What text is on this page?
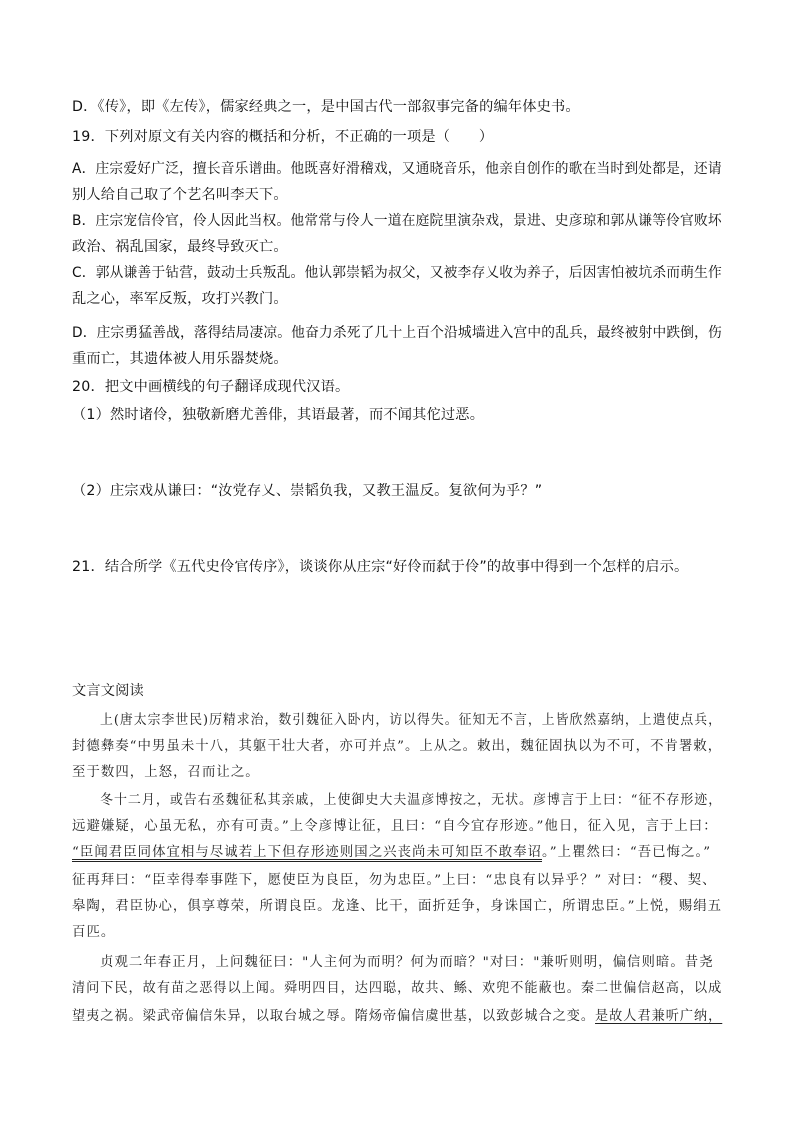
D．《传》，即《左传》，儒家经典之一，是中国古代一部叙事完备的编年体史书。
19．下列对原文有关内容的概括和分析，不正确的一项是（　　）
A．庄宗爱好广泛，擅长音乐谱曲。他既喜好滑稽戏，又通晓音乐，他亲自创作的歌在当时到处都是，还请
别人给自己取了个艺名叫李天下。
B．庄宗宠信伶官，伶人因此当权。他常常与伶人一道在庭院里演杂戏，景进、史彦琼和郭从谦等伶官败坏
政治、祸乱国家，最终导致灭亡。
C．郭从谦善于钻营，鼓动士兵叛乱。他认郭崇韬为叔父，又被李存乂收为养子，后因害怕被坑杀而萌生作
乱之心，率军反叛，攻打兴教门。
D．庄宗勇猛善战，落得结局凄凉。他奋力杀死了几十上百个沿城墙进入宫中的乱兵，最终被射中跌倒，伤
重而亡，其遗体被人用乐器焚烧。
20．把文中画横线的句子翻译成现代汉语。
（1）然时诸伶，独敬新磨尤善俳，其语最著，而不闻其佗过恶。
（2）庄宗戏从谦曰：“汝党存乂、崇韬负我，又教王温反。复欲何为乎？”
21．结合所学《五代史伶官传序》，谈谈你从庄宗“好伶而弑于伶”的故事中得到一个怎样的启示。
文言文阅读
上(唐太宗李世民)厉精求治，数引魏征入卧内，访以得失。征知无不言，上皆欣然嘉纳，上遣使点兵，
封德彝奏“中男虽未十八，其躯干壮大者，亦可并点”。上从之。敕出，魏征固执以为不可，不肯署敕，
至于数四，上怒，召而让之。
冬十二月，或告右丞魏征私其亲戚，上使御史大夫温彦博按之，无状。彦博言于上曰：“征不存形迹，
远避嫌疑，心虽无私，亦有可责。”上令彦博让征，且曰：“自今宜存形迹。”他日，征入见，言于上曰：
“臣闻君臣同体宜相与尽诚若上下但存形迹则国之兴丧尚未可知臣不敢奉诏。”上瞿然曰：“吾已悔之。”
征再拜曰：“臣幸得奉事陛下，愿使臣为良臣，勿为忠臣。”上曰：“忠良有以异乎？” 对曰：“稷、契、
皋陶，君臣协心，俱享尊荣，所谓良臣。龙逢、比干，面折廷争，身诛国亡，所谓忠臣。”上悦，赐绢五
百匹。
贞观二年春正月，上问魏征曰："人主何为而明？何为而暗？"对曰："兼听则明，偏信则暗。昔尧
清问下民，故有苗之恶得以上闻。舜明四目，达四聪，故共、鲧、欢兜不能蔽也。秦二世偏信赵高，以成
望夷之祸。梁武帝偏信朱异，以取台城之辱。隋炀帝偏信虞世基，以致彭城合之变。是故人君兼听广纳，
